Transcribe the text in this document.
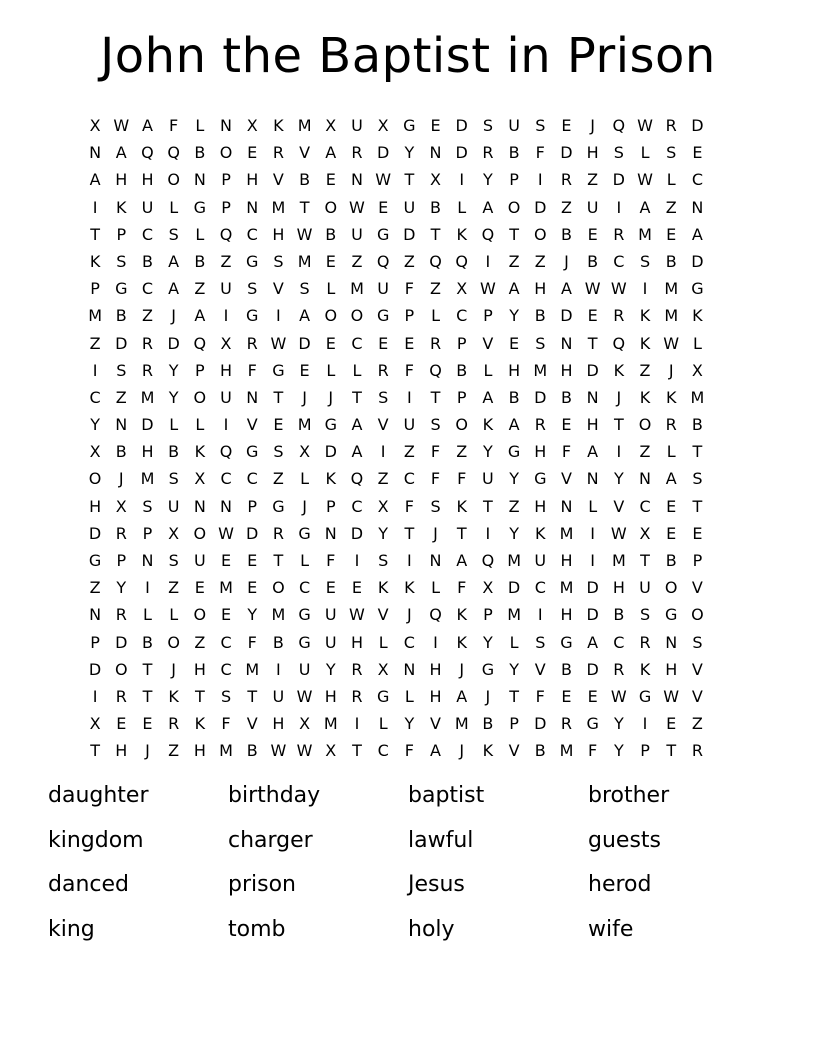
John the Baptist in Prison
X W A	F	L N X K M X U X G E D S U S	E	J	Q W R D
N A Q Q B O E R V A R D Y N D R B	F D H S	L	S	E
A H H O N P H V B E N W T X	I	Y	P	I	R Z D W L	C
I	K U L G P N M T O W E U B	L	A O D Z U	I	A Z N
T	P C S	L Q C H W B U G D T	K Q T O B E R M E A
K S B A B Z G S M E Z Q Z Q Q	I	Z Z	J	B C S B D
P G C A Z U S V S	L M U F	Z X W A H A W W I	M G
M B Z	J	A	I	G	I	A O O G P	L	C P	Y B D E R K M K
Z D R D Q X R W D E C E	E R P V E	S N T Q K W L
I	S R Y	P H F G E	L	L	R	F Q B	L H M H D K Z	J	X
C Z M Y O U N T	J	J	T	S	I	T	P A B D B N	J	K K M
Y N D L	L	I	V E M G A V U S O K A R E H T O R B
X B H B K Q G S X D A	I	Z	F	Z Y G H F	A	I	Z	L	T
O	J	M S X C C Z	L	K Q Z C	F	F U Y G V N Y N A S
H X S U N N P G	J	P C X	F	S K	T Z H N L	V C E	T
D R P X O W D R G N D Y	T	J	T	I	Y	K M	I W X E	E
G P N S U E	E	T	L	F	I	S	I	N A Q M U H	I	M T B P
Z Y	I	Z E M E O C E	E K K	L	F	X D C M D H U O V
N R	L	L O E	Y M G U W V	J	Q K	P M	I	H D B S G O
P D B O Z C	F	B G U H L	C	I	K	Y	L	S G A C R N S
D O T	J	H C M	I	U Y R X N H	J	G Y V B D R K H V
I	R T	K	T	S	T U W H R G L H A	J	T	F	E	E W G W V
X E	E R K	F	V H X M	I	L	Y V M B P D R G Y	I	E Z
T H	J	Z H M B W W X T C	F	A	J	K V B M F	Y	P	T R
daughter	birthday	baptist	brother
kingdom	charger	lawful	guests
danced	prison	Jesus	herod
king	tomb	holy	wife
